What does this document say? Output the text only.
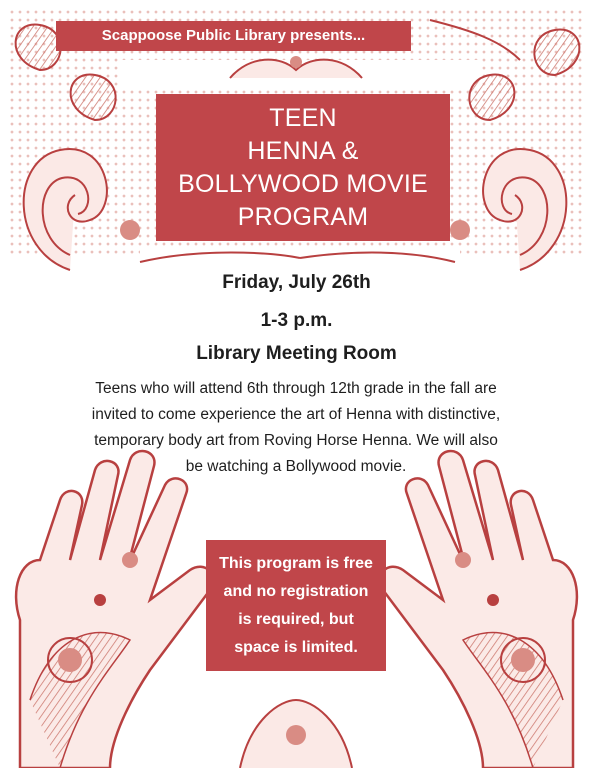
Scappoose Public Library presents...
TEEN
HENNA &
BOLLYWOOD MOVIE
PROGRAM
Friday, July 26th
1-3 p.m.
Library Meeting Room
Teens who will attend 6th through 12th grade in the fall are
invited to come experience the art of Henna with distinctive,
temporary body art from Roving Horse Henna. We will also
be watching a Bollywood movie.
This program is free
and no registration
is required, but
space is limited.
